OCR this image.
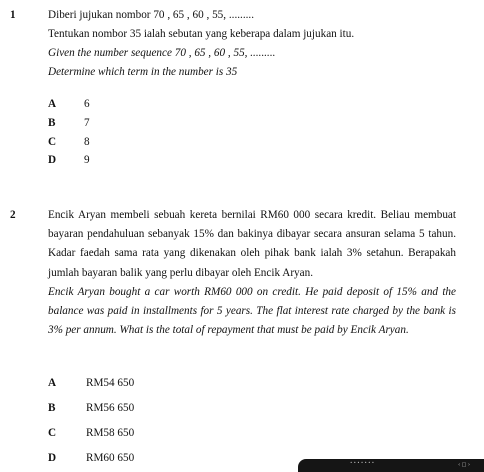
1	Diberi jujukan nombor 70 , 65 , 60 , 55, .........
Tentukan nombor 35 ialah sebutan yang keberapa dalam jujukan itu.
Given the number sequence 70 , 65 , 60 , 55, .........
Determine which term in the number is 35
A 6
B	7
C 8
D 9
2	Encik Aryan membeli sebuah kereta bernilai RM60 000 secara kredit. Beliau membuat bayaran pendahuluan sebanyak 15% dan bakinya dibayar secara ansuran selama 5 tahun. Kadar faedah sama rata yang dikenakan oleh pihak bank ialah 3% setahun. Berapakah jumlah bayaran balik yang perlu dibayar oleh Encik Aryan.
Encik Aryan bought a car worth RM60 000 on credit. He paid deposit of 15% and the balance was paid in installments for 5 years. The flat interest rate charged by the bank is 3% per annum. What is the total of repayment that must be paid by Encik Aryan.
A	RM54 650
B	RM56 650
C	RM58 650
D	RM60 650	• • • • • • •	‹ □ ›
